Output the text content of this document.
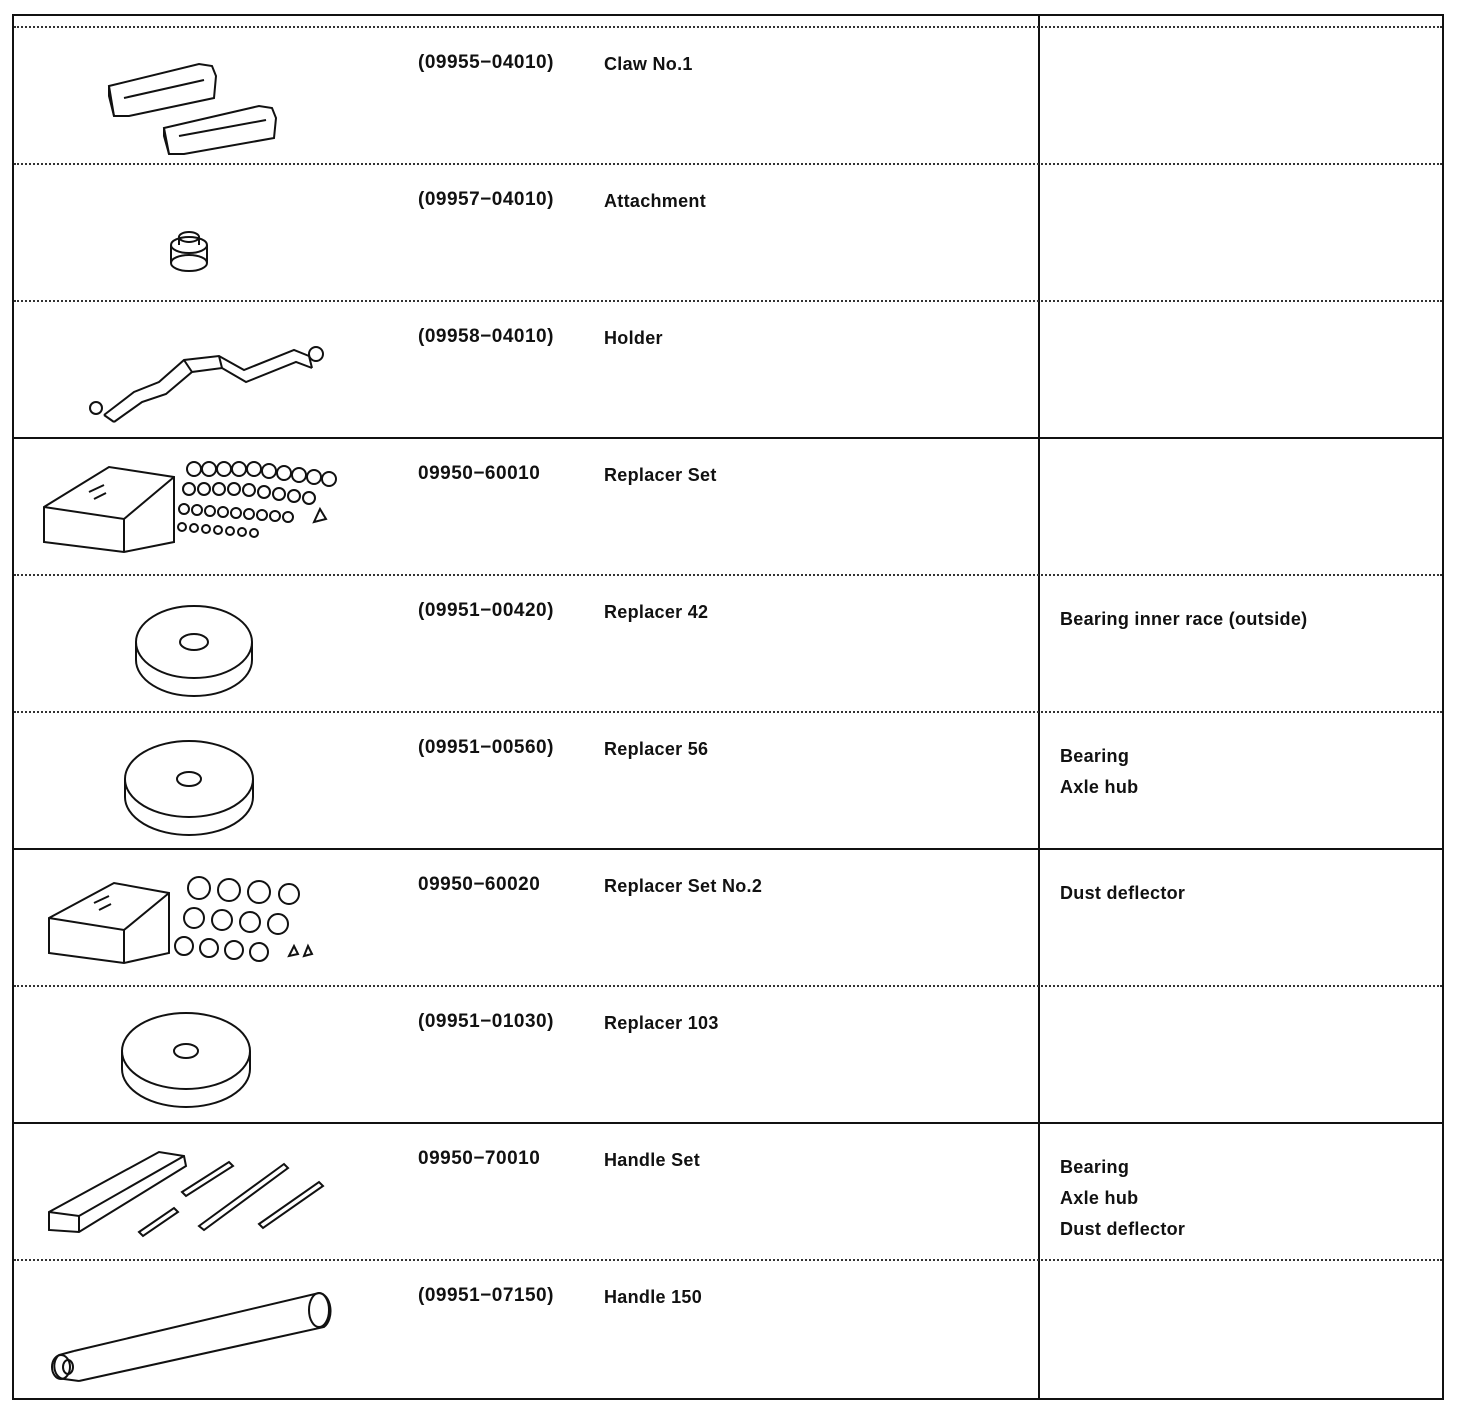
(09955−04010)	Claw No.1
(09957−04010)	Attachment
(09958−04010)	Holder
09950−60010	Replacer Set
(09951−00420)	Replacer 42	Bearing inner race (outside)
(09951−00560)	Replacer 56	Bearing
Axle hub
09950−60020	Replacer Set No.2	Dust deflector
(09951−01030)	Replacer 103
09950−70010	Handle Set	Bearing
Axle hub
Dust deflector
(09951−07150)	Handle 150
